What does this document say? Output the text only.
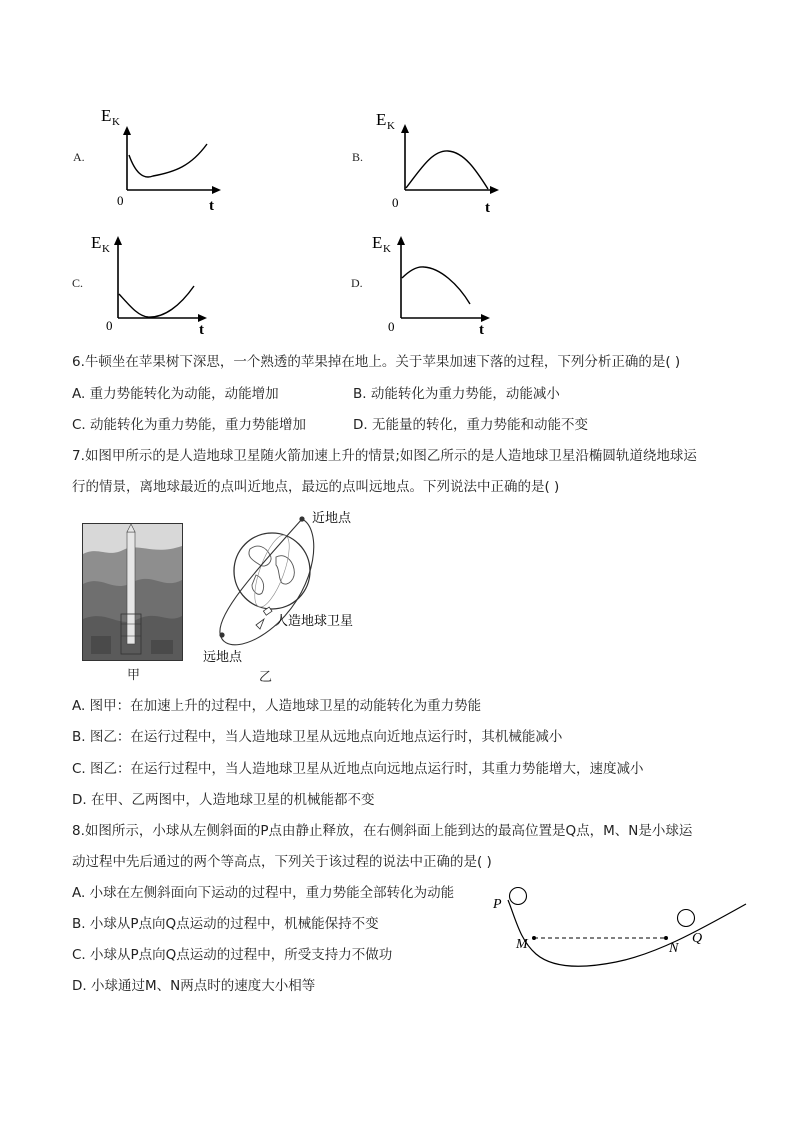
A.
E K
0	t
B.
E K
0	t
C.
E K
0	t
D.
E K
0	t
6.牛顿坐在苹果树下深思，一个熟透的苹果掉在地上。关于苹果加速下落的过程，下列分析正确的是( )
A. 重力势能转化为动能，动能增加	B. 动能转化为重力势能，动能减小
C. 动能转化为重力势能，重力势能增加	D. 无能量的转化，重力势能和动能不变
7.如图甲所示的是人造地球卫星随火箭加速上升的情景;如图乙所示的是人造地球卫星沿椭圆轨道绕地球运
行的情景，离地球最近的点叫近地点，最远的点叫远地点。下列说法中正确的是( )
甲
近地点
人造地球卫星
远地点
乙
A. 图甲：在加速上升的过程中，人造地球卫星的动能转化为重力势能
B. 图乙：在运行过程中，当人造地球卫星从远地点向近地点运行时，其机械能减小
C. 图乙：在运行过程中，当人造地球卫星从近地点向远地点运行时，其重力势能增大，速度减小
D. 在甲、乙两图中，人造地球卫星的机械能都不变
8.如图所示，小球从左侧斜面的P点由静止释放，在右侧斜面上能到达的最高位置是Q点，M、N是小球运
动过程中先后通过的两个等高点，下列关于该过程的说法中正确的是( )
A. 小球在左侧斜面向下运动的过程中，重力势能全部转化为动能
B. 小球从P点向Q点运动的过程中，机械能保持不变
C. 小球从P点向Q点运动的过程中，所受支持力不做功
D. 小球通过M、N两点时的速度大小相等
P
Q
M	N
